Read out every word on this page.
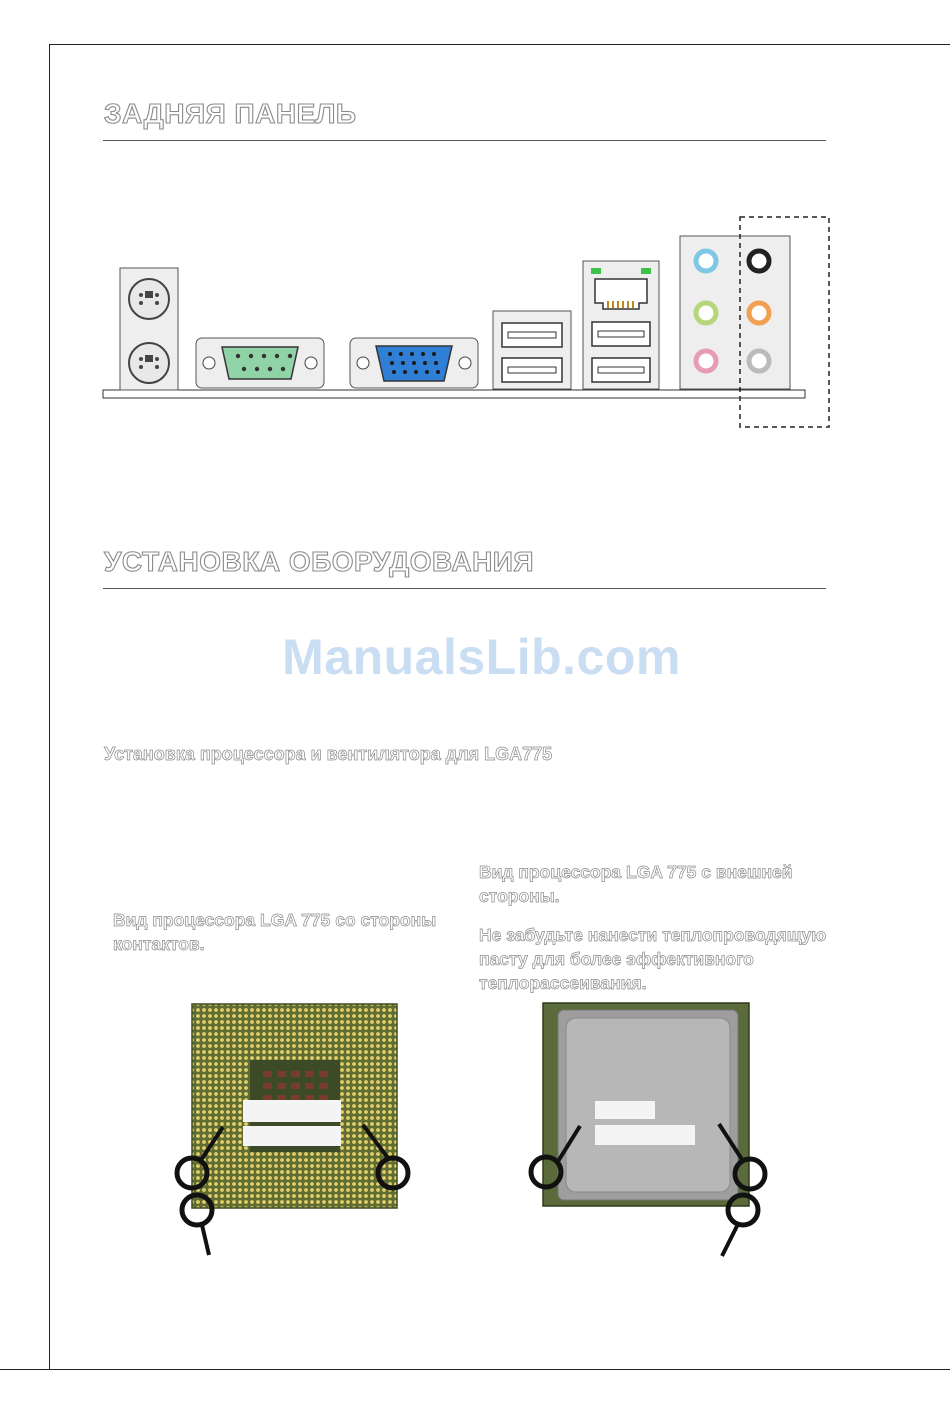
ЗАДНЯЯ ПАНЕЛЬ
УСТАНОВКА ОБОРУДОВАНИЯ
ManualsLib.com
Установка процессора и вентилятора для LGA775
Вид процессора LGA 775 с внешней стороны.
Не забудьте нанести теплопроводящую пасту для более эффективного теплорассеивания.
Вид процессора LGA 775 со стороны контактов.
